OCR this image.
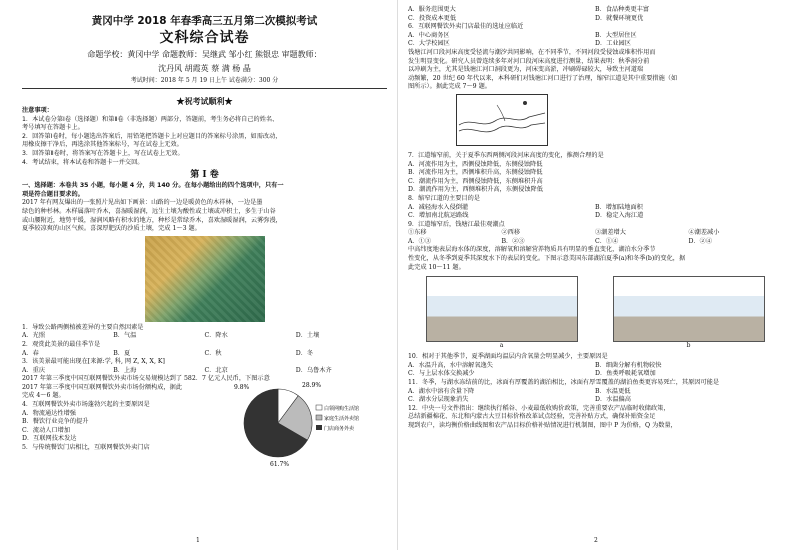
黄冈中学 2018 年春季高三五月第二次模拟考试
文科综合试卷
命题学校：黄冈中学 命题教师：吴继武 邹小红 熊银忠 审题教师：
沈丹风 胡霞英 蔡 满 杨 晶
考试时间：2018 年 5 月 19 日上午 试卷满分：300 分
★祝考试顺利★
注意事项：
1．本试卷分第Ⅰ卷（选择题）和第Ⅱ卷（非选择题）两部分，答题前，考生务必将自己的姓名、
考号填写在答题卡上。
2．回答第Ⅰ卷时，每小题选出答案后，用铅笔把答题卡上对应题目的答案标号涂黑，如需改动，
用橡皮擦干净后，再选涂其他答案标号，写在试卷上无效。
3．回答第Ⅱ卷时，将答案写在答题卡上，写在试卷上无效。
4．考试结束，将本试卷和答题卡一并交回。
第 Ⅰ 卷
一、选择题：本卷共 35 小题，每小题 4 分，共 140 分。在每小题给出的四个选项中，只有一
项是符合题目要求的。
2017 年有网友爆出的一张照片见出如下画景：山路的一边是暖黄色的木祥林，一边是墨
绿色的种杉林。木样属落叶乔木，喜湿暖湿润，远生土壤为酸性或土壤或冲积土，多生于山谷
或山腰附近，地势平缓，湿润风略有积水的地方，种杉是常绿乔木，喜欢湿暖湿润，云雾弥漫，
夏季较凉爽的山区气候。喜深厚肥沃的沙质土壤，完成 1～3 题。
1．导致公路两侧植被差异的主要自然因素是
A．光照	B．气温	C．降水	D．土壤
2．观赏此美景的最佳季节是
A．春	B．夏	C．秋	D．冬
3．该美景最可能出现在[来源:学, 科, 网 Z, X, X, K]
A．重庆	B．上海	C．北京	D．乌鲁木齐
2017 年第三季度中国互联网餐饮外卖市场交易规模达到了 582．7 亿元人民币，下图示意
2017 年第三季度中国互联网餐饮外卖市场份额构成，据此
完成 4～6 题。
4．互联网餐饮外卖市场蓬勃兴起的主要原因是
A．物流通达性增强
B．餐饮行业竞争的提升
C．流动人口增加
D．互联网技术发达
5．与传统餐饮门店相比，互联网餐饮外卖门店
9.8%	28.9%
61.7%
白领网购生活馆
家庭生活外卖馆
门店商务外卖
1
A．服务范围更大	B．食品种类更丰富
C．投资成本更低	D．就餐环境更优
6．互联网餐饮外卖门店最佳的选址应临近
A．中心商务区	B．大型居住区
C．大学校园区	D．工业园区
钱塘江河口段河床高度受径流与潮汐共同影响，在不同季节，不同河段受侵蚀或堆积作用而
发生明显变化。研究人员曾连续多年对河口段河床高度进行测量，结果表明：秋季洞分前
以冲刷为主，尤其是钱塘江河口洞段更为，河床变高淤，冲刷碍碌较大，导致主河道瑞
动频繁，20 世纪 60 年代以来，本科研们对钱塘江河口进行了治理，缩窄江道是其中重要措施（如
图所示）。据此完成 7～9 题。
7．江道缩窄前，关于夏季东西两侧河段河床高度的变化，推测合理的是
A．河流作用为主，西侧侵蚀降低，东侧侵蚀降低
B．河流作用为主，西侧堆积升高，东侧侵蚀降低
C．潮流作用为主，西侧侵蚀降低，东侧堆积升高
D．潮流作用为主，西侧堆积升高，东侧侵蚀降低
8．缩窄江道的主要目的是
A．减轻海水入侵倒灌	B．增加陆地面积
C．增加南北航运路线	D．稳定入海江道
9．江道缩窄后，钱塘江最佳观潮点
①东移	②西移	③潮差增大	④潮差减小
A．①③	B．②③	C．①④	D．②④
中高纬度地表层海水体的深度，溶解氧和溶解营养物质具有明显的垂直变化，湖泊水分季节
性变化，从冬季到夏季其深度水下的表层的变化。下图示意美国东部湖泊夏季(a)和冬季(b)的变化，据
此完成 10～11 题。
a	b
10．相对于其他季节，夏季湖面均温层内含氧量会明显减少，主要原因是
A．水温升高，水中溶解氧逸失	B．细菌分解有机物较快
C．与上层水体交换减少	D．鱼类呼吸耗氧增加
11．冬季，与湖水冻结前的比，冰面有厚覆盖的湖泊相比，冰面有厚雪覆盖的湖泊鱼类更容易死亡，其原因可能是
A．湖水中溶有含量下降	B．水温更低
C．湖水分层现象消失	D．水温偏高
12．中央一号文件指出：继续执行稻谷、小麦最低收购价政策，完善重要农产品临时收储政策，
总结新疆棉花、东北和内蒙古大豆目标价格改革试点经验，完善补贴方式，确保补贴资金足
现到农户，读均衡价格曲线图和农产品目标价格补贴情况进行机制图，图中 P 为价格，Q 为数量，
2
